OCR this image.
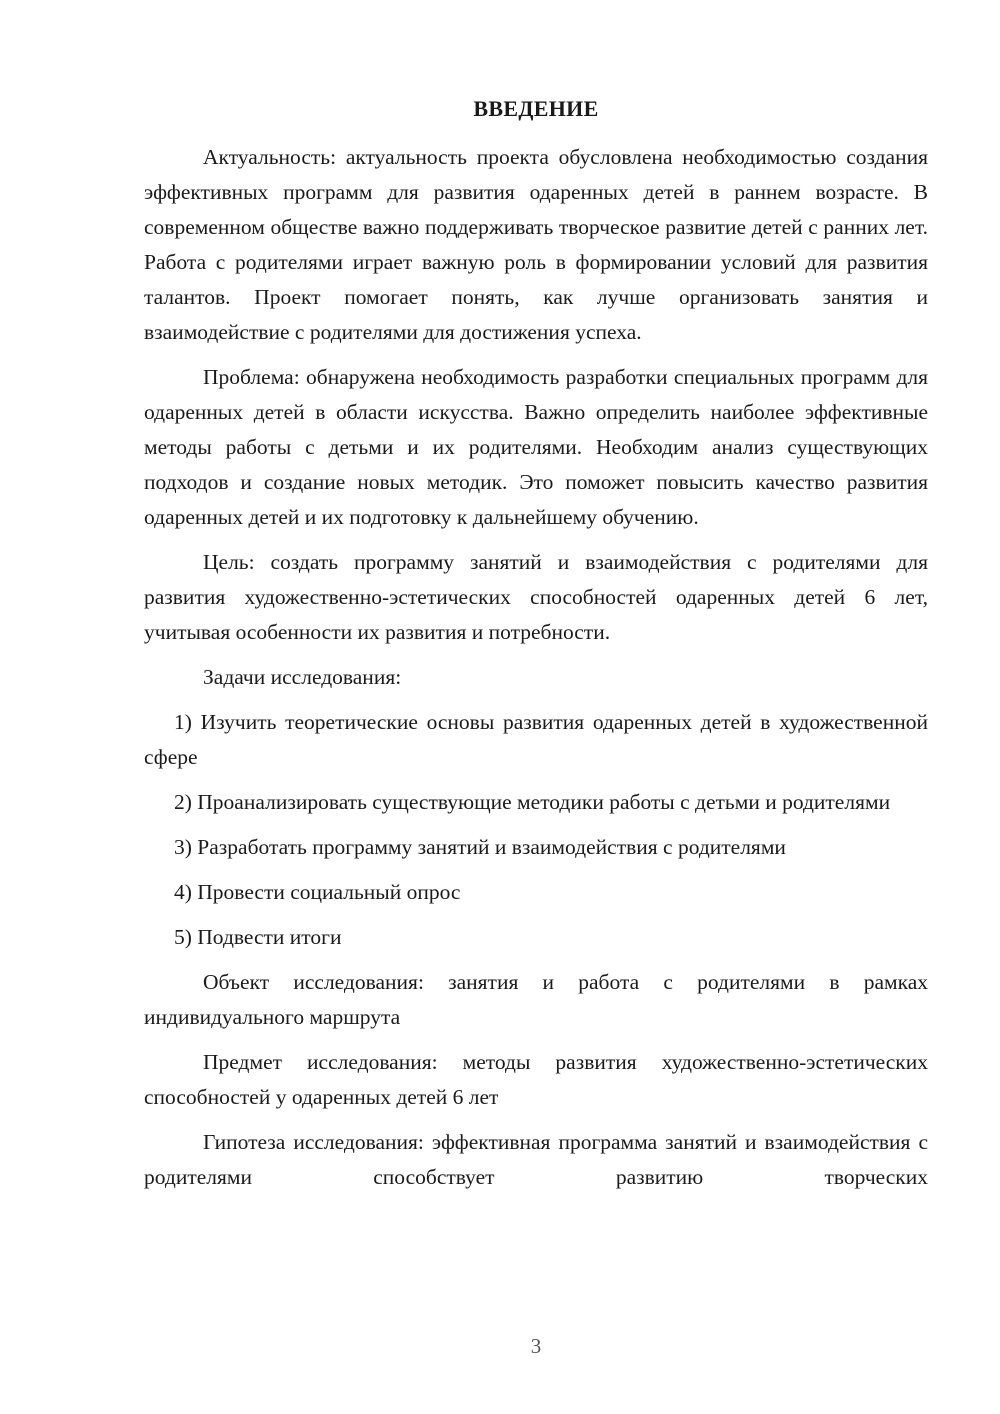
ВВЕДЕНИЕ

Актуальность: актуальность проекта обусловлена необходимостью создания эффективных программ для развития одаренных детей в раннем возрасте. В современном обществе важно поддерживать творческое развитие детей с ранних лет. Работа с родителями играет важную роль в формировании условий для развития талантов. Проект помогает понять, как лучше организовать занятия и взаимодействие с родителями для достижения успеха.

Проблема: обнаружена необходимость разработки специальных программ для одаренных детей в области искусства. Важно определить наиболее эффективные методы работы с детьми и их родителями. Необходим анализ существующих подходов и создание новых методик. Это поможет повысить качество развития одаренных детей и их подготовку к дальнейшему обучению.

Цель: создать программу занятий и взаимодействия с родителями для развития художественно-эстетических способностей одаренных детей 6 лет, учитывая особенности их развития и потребности.

Задачи исследования:

1) Изучить теоретические основы развития одаренных детей в художественной сфере

2) Проанализировать существующие методики работы с детьми и родителями

3) Разработать программу занятий и взаимодействия с родителями

4) Провести социальный опрос

5) Подвести итоги

Объект исследования: занятия и работа с родителями в рамках индивидуального маршрута

Предмет исследования: методы развития художественно-эстетических способностей у одаренных детей 6 лет

Гипотеза исследования: эффективная программа занятий и взаимодействия с родителями способствует развитию творческих

3
